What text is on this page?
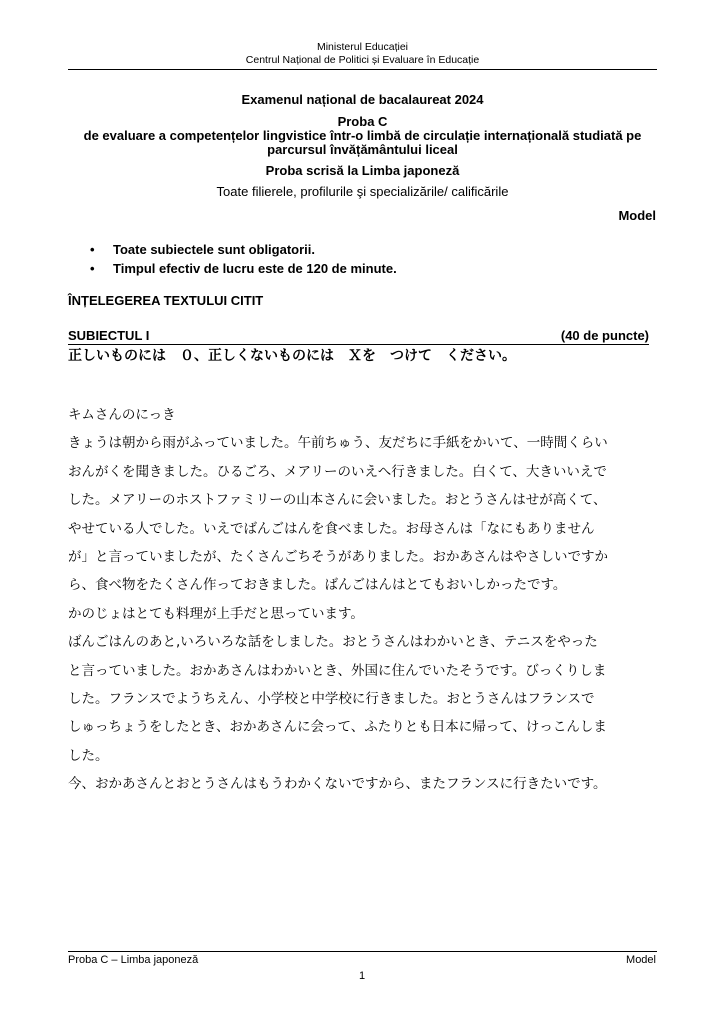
Ministerul Educației
Centrul Național de Politici și Evaluare în Educație
Examenul național de bacalaureat 2024
Proba C
de evaluare a competențelor lingvistice într-o limbă de circulație internațională studiată pe
parcursul învățământului liceal
Proba scrisă la Limba japoneză
Toate filierele, profilurile şi specializările/ calificările
Model
• Toate subiectele sunt obligatorii.
• Timpul efectiv de lucru este de 120 de minute.
ÎNȚELEGEREA TEXTULUI CITIT
SUBIECTUL I	(40 de puncte)
正しいものには　０、正しくないものには　Ｘを　つけて　ください。
キムさんのにっき
きょうは朝から雨がふっていました。午前ちゅう、友だちに手紙をかいて、一時間くらい
おんがくを聞きました。ひるごろ、メアリーのいえへ行きました。白くて、大きいいえで
した。メアリーのホストファミリーの山本さんに会いました。おとうさんはせが高くて、
やせている人でした。いえでばんごはんを食べました。お母さんは「なにもありません
が」と言っていましたが、たくさんごちそうがありました。おかあさんはやさしいですか
ら、食べ物をたくさん作っておきました。ばんごはんはとてもおいしかったです。
かのじょはとても料理が上手だと思っています。
ばんごはんのあと,いろいろな話をしました。おとうさんはわかいとき、テニスをやった
と言っていました。おかあさんはわかいとき、外国に住んでいたそうです。びっくりしま
した。フランスでようちえん、小学校と中学校に行きました。おとうさんはフランスで
しゅっちょうをしたとき、おかあさんに会って、ふたりとも日本に帰って、けっこんしま
した。
今、おかあさんとおとうさんはもうわかくないですから、またフランスに行きたいです。
Proba C – Limba japoneză	Model
1
